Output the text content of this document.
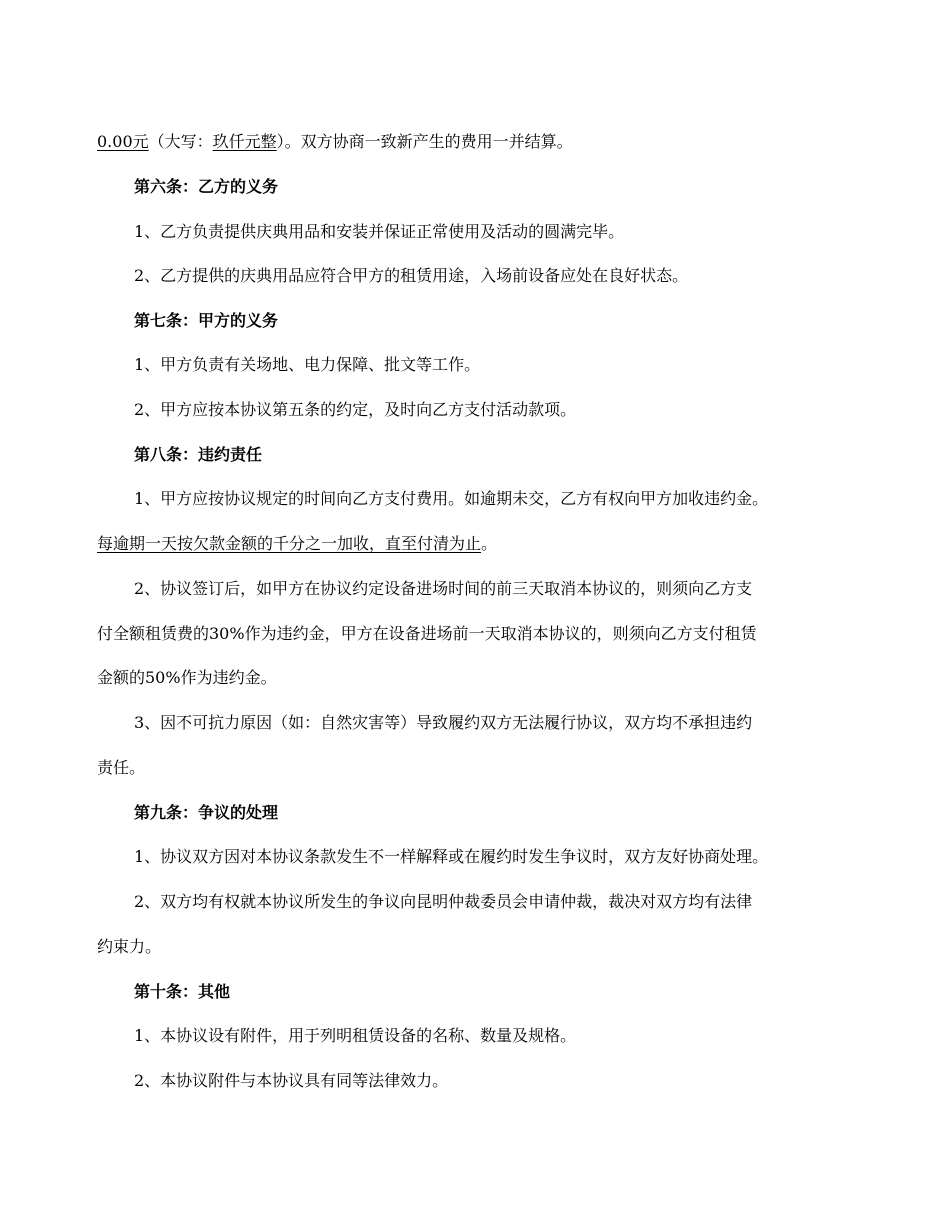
0.00元（大写：玖仟元整）。双方协商一致新产生的费用一并结算。
第六条：乙方的义务
1、乙方负责提供庆典用品和安装并保证正常使用及活动的圆满完毕。
2、乙方提供的庆典用品应符合甲方的租赁用途，入场前设备应处在良好状态。
第七条：甲方的义务
1、甲方负责有关场地、电力保障、批文等工作。
2、甲方应按本协议第五条的约定，及时向乙方支付活动款项。
第八条：违约责任
1、甲方应按协议规定的时间向乙方支付费用。如逾期未交，乙方有权向甲方加收违约金。
每逾期一天按欠款金额的千分之一加收，直至付清为止。
2、协议签订后，如甲方在协议约定设备进场时间的前三天取消本协议的，则须向乙方支
付全额租赁费的30%作为违约金，甲方在设备进场前一天取消本协议的，则须向乙方支付租赁
金额的50%作为违约金。
3、因不可抗力原因（如：自然灾害等）导致履约双方无法履行协议，双方均不承担违约
责任。
第九条：争议的处理
1、协议双方因对本协议条款发生不一样解释或在履约时发生争议时，双方友好协商处理。
2、双方均有权就本协议所发生的争议向昆明仲裁委员会申请仲裁，裁决对双方均有法律
约束力。
第十条：其他
1、本协议设有附件，用于列明租赁设备的名称、数量及规格。
2、本协议附件与本协议具有同等法律效力。
